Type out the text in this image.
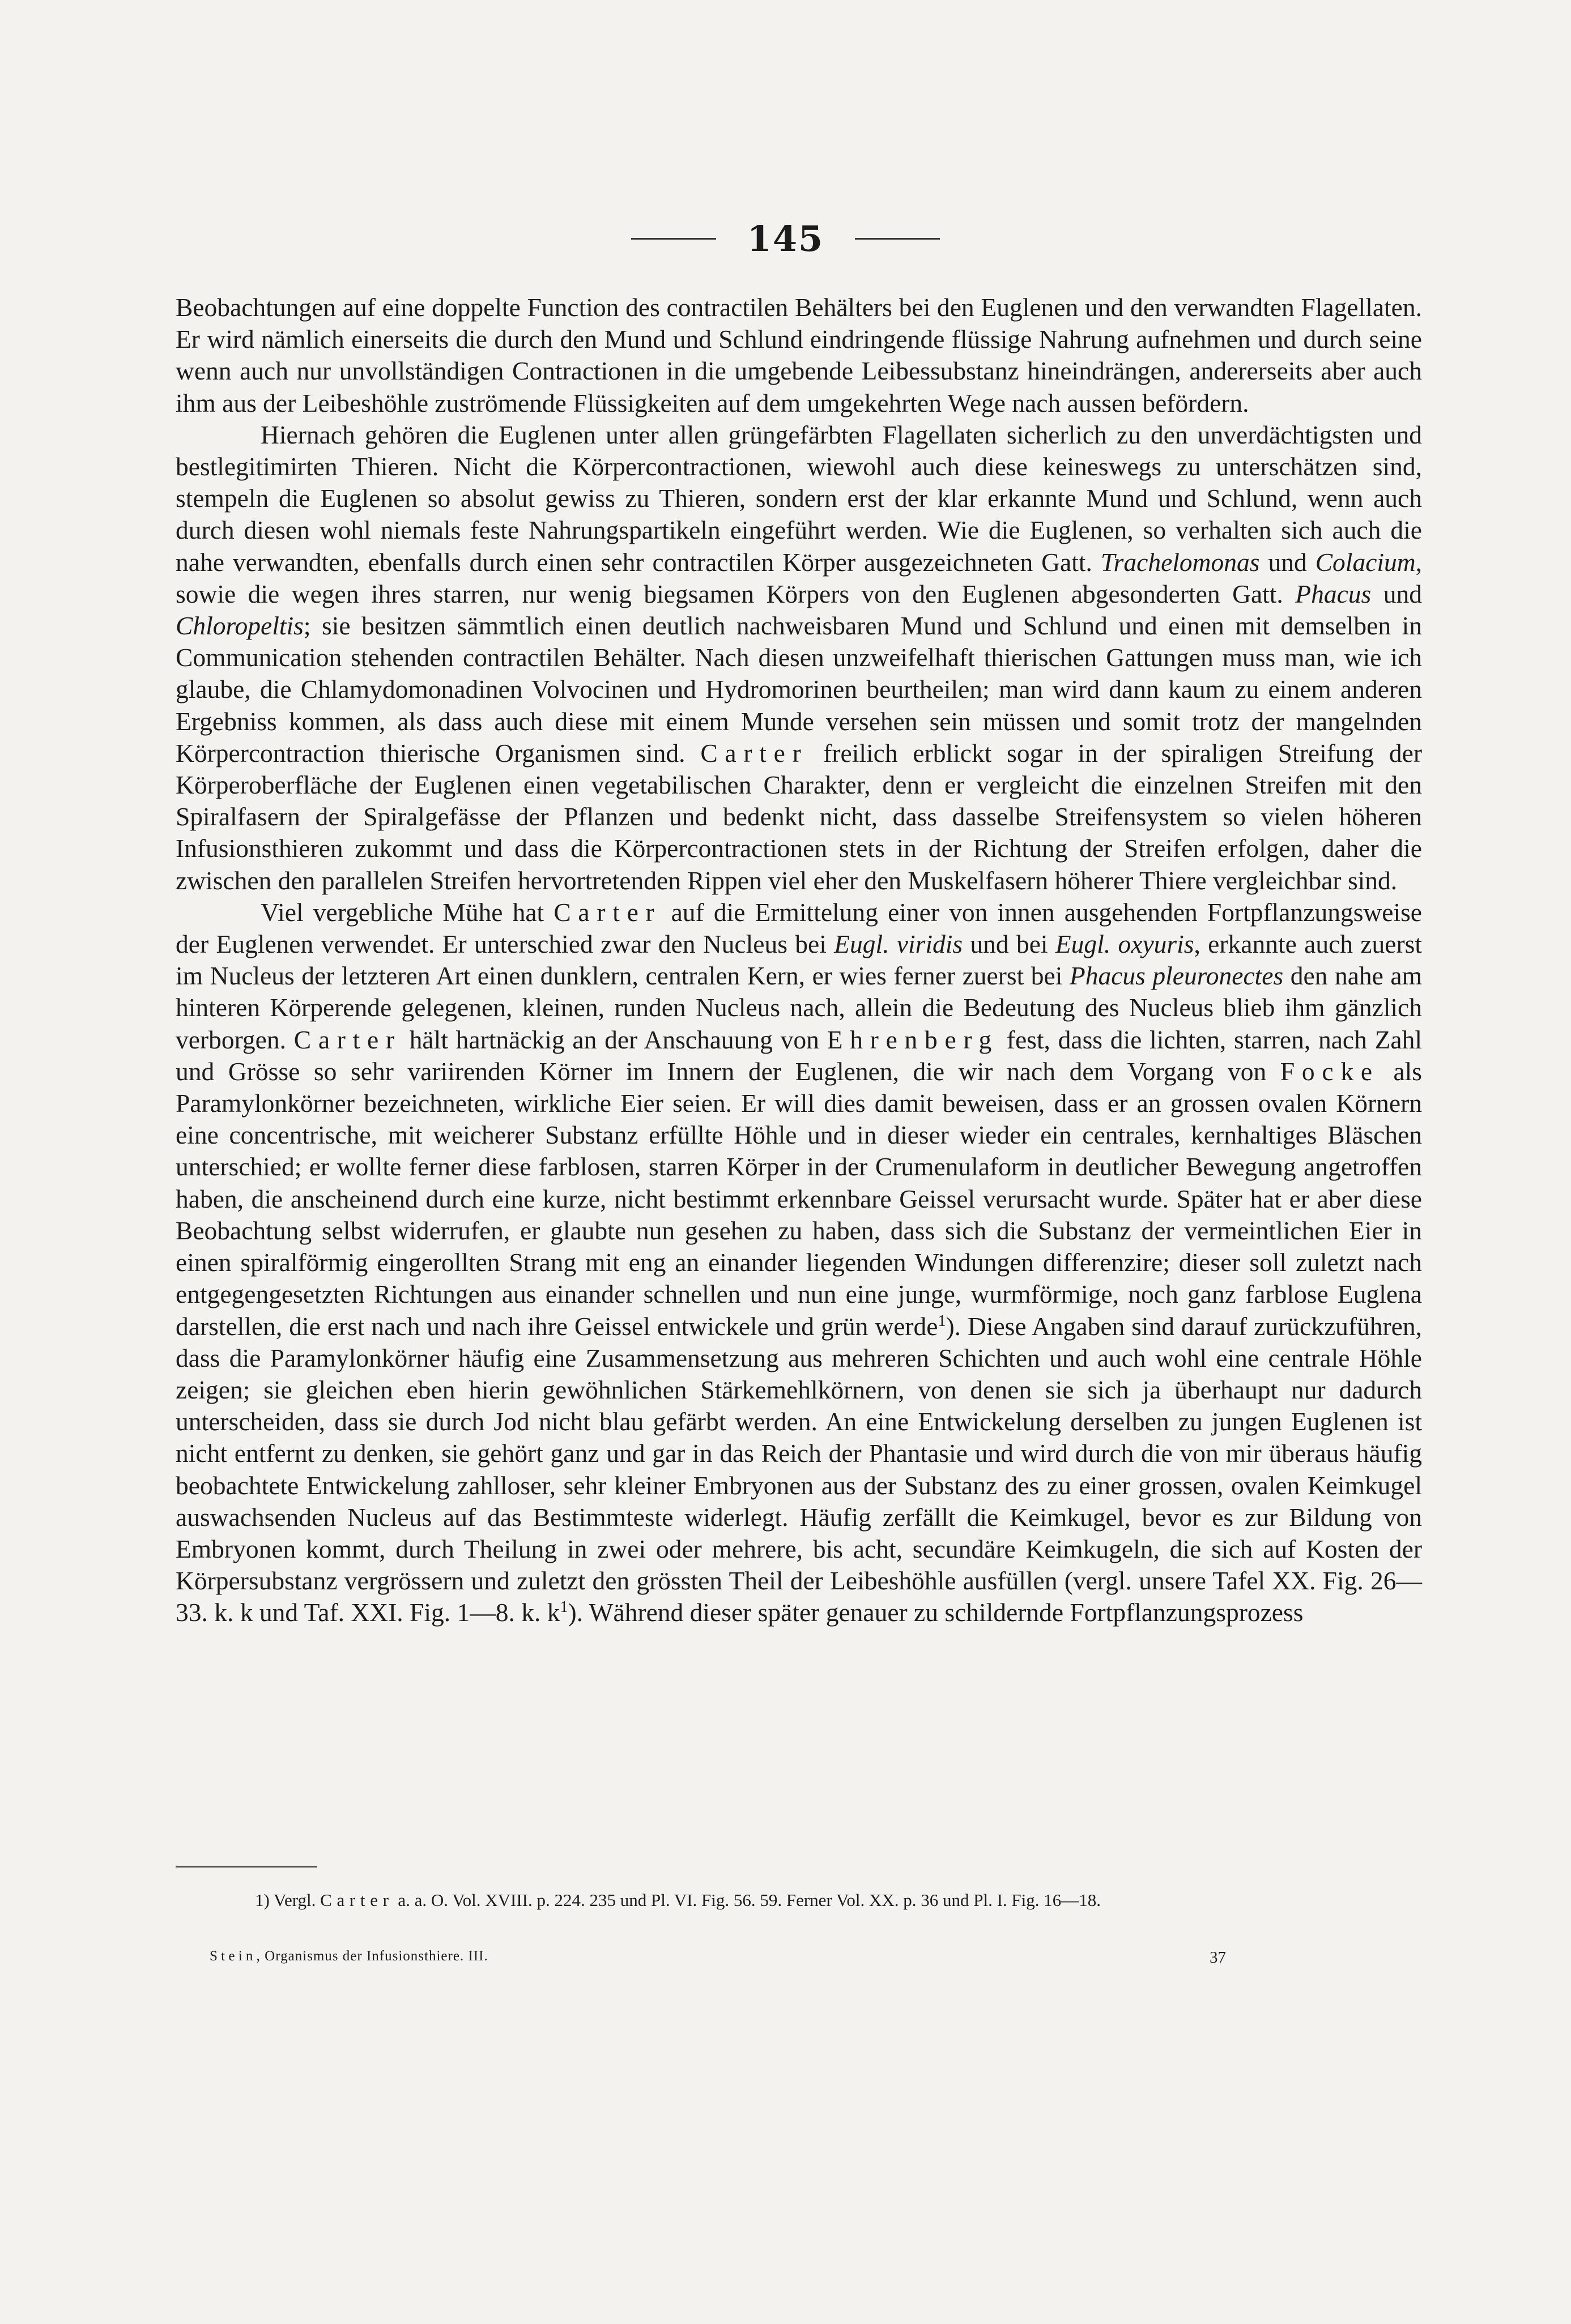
145

Beobachtungen auf eine doppelte Function des contractilen Behälters bei den Euglenen und den verwandten Flagellaten. Er wird nämlich einerseits die durch den Mund und Schlund eindringende flüssige Nahrung aufnehmen und durch seine wenn auch nur unvollständigen Contractionen in die umgebende Leibessubstanz hineindrängen, andererseits aber auch ihm aus der Leibeshöhle zuströmende Flüssigkeiten auf dem umgekehrten Wege nach aussen befördern.

Hiernach gehören die Euglenen unter allen grüngefärbten Flagellaten sicherlich zu den unverdächtigsten und bestlegitimirten Thieren. Nicht die Körpercontractionen, wiewohl auch diese keineswegs zu unterschätzen sind, stempeln die Euglenen so absolut gewiss zu Thieren, sondern erst der klar erkannte Mund und Schlund, wenn auch durch diesen wohl niemals feste Nahrungspartikeln eingeführt werden. Wie die Euglenen, so verhalten sich auch die nahe verwandten, ebenfalls durch einen sehr contractilen Körper ausgezeichneten Gatt. Trachelomonas und Colacium, sowie die wegen ihres starren, nur wenig biegsamen Körpers von den Euglenen abgesonderten Gatt. Phacus und Chloropeltis; sie besitzen sämmtlich einen deutlich nachweisbaren Mund und Schlund und einen mit demselben in Communication stehenden contractilen Behälter. Nach diesen unzweifelhaft thierischen Gattungen muss man, wie ich glaube, die Chlamydomonadinen Volvocinen und Hydromorinen beurtheilen; man wird dann kaum zu einem anderen Ergebniss kommen, als dass auch diese mit einem Munde versehen sein müssen und somit trotz der mangelnden Körpercontraction thierische Organismen sind. Carter freilich erblickt sogar in der spiraligen Streifung der Körperoberfläche der Euglenen einen vegetabilischen Charakter, denn er vergleicht die einzelnen Streifen mit den Spiralfasern der Spiralgefässe der Pflanzen und bedenkt nicht, dass dasselbe Streifensystem so vielen höheren Infusionsthieren zukommt und dass die Körpercontractionen stets in der Richtung der Streifen erfolgen, daher die zwischen den parallelen Streifen hervortretenden Rippen viel eher den Muskelfasern höherer Thiere vergleichbar sind.

Viel vergebliche Mühe hat Carter auf die Ermittelung einer von innen ausgehenden Fortpflanzungsweise der Euglenen verwendet. Er unterschied zwar den Nucleus bei Eugl. viridis und bei Eugl. oxyuris, erkannte auch zuerst im Nucleus der letzteren Art einen dunklern, centralen Kern, er wies ferner zuerst bei Phacus pleuronectes den nahe am hinteren Körperende gelegenen, kleinen, runden Nucleus nach, allein die Bedeutung des Nucleus blieb ihm gänzlich verborgen. Carter hält hartnäckig an der Anschauung von Ehrenberg fest, dass die lichten, starren, nach Zahl und Grösse so sehr variirenden Körner im Innern der Euglenen, die wir nach dem Vorgang von Focke als Paramylonkörner bezeichneten, wirkliche Eier seien. Er will dies damit beweisen, dass er an grossen ovalen Körnern eine concentrische, mit weicherer Substanz erfüllte Höhle und in dieser wieder ein centrales, kernhaltiges Bläschen unterschied; er wollte ferner diese farblosen, starren Körper in der Crumenulaform in deutlicher Bewegung angetroffen haben, die anscheinend durch eine kurze, nicht bestimmt erkennbare Geissel verursacht wurde. Später hat er aber diese Beobachtung selbst widerrufen, er glaubte nun gesehen zu haben, dass sich die Substanz der vermeintlichen Eier in einen spiralförmig eingerollten Strang mit eng an einander liegenden Windungen differenzire; dieser soll zuletzt nach entgegengesetzten Richtungen aus einander schnellen und nun eine junge, wurmförmige, noch ganz farblose Euglena darstellen, die erst nach und nach ihre Geissel entwickele und grün werde$^1$). Diese Angaben sind darauf zurückzuführen, dass die Paramylonkörner häufig eine Zusammensetzung aus mehreren Schichten und auch wohl eine centrale Höhle zeigen; sie gleichen eben hierin gewöhnlichen Stärkemehlkörnern, von denen sie sich ja überhaupt nur dadurch unterscheiden, dass sie durch Jod nicht blau gefärbt werden. An eine Entwickelung derselben zu jungen Euglenen ist nicht entfernt zu denken, sie gehört ganz und gar in das Reich der Phantasie und wird durch die von mir überaus häufig beobachtete Entwickelung zahlloser, sehr kleiner Embryonen aus der Substanz des zu einer grossen, ovalen Keimkugel auswachsenden Nucleus auf das Bestimmteste widerlegt. Häufig zerfällt die Keimkugel, bevor es zur Bildung von Embryonen kommt, durch Theilung in zwei oder mehrere, bis acht, secundäre Keimkugeln, die sich auf Kosten der Körpersubstanz vergrössern und zuletzt den grössten Theil der Leibeshöhle ausfüllen (vergl. unsere Tafel XX. Fig. 26—33. k. k und Taf. XXI. Fig. 1—8. k. $k^1$). Während dieser später genauer zu schildernde Fortpflanzungsprozess

1) Vergl. Carter a. a. O. Vol. XVIII. p. 224. 235 und Pl. VI. Fig. 56. 59. Ferner Vol. XX. p. 36 und Pl. I. Fig. 16—18.
Stein, Organismus der Infusionsthiere. III.	37
